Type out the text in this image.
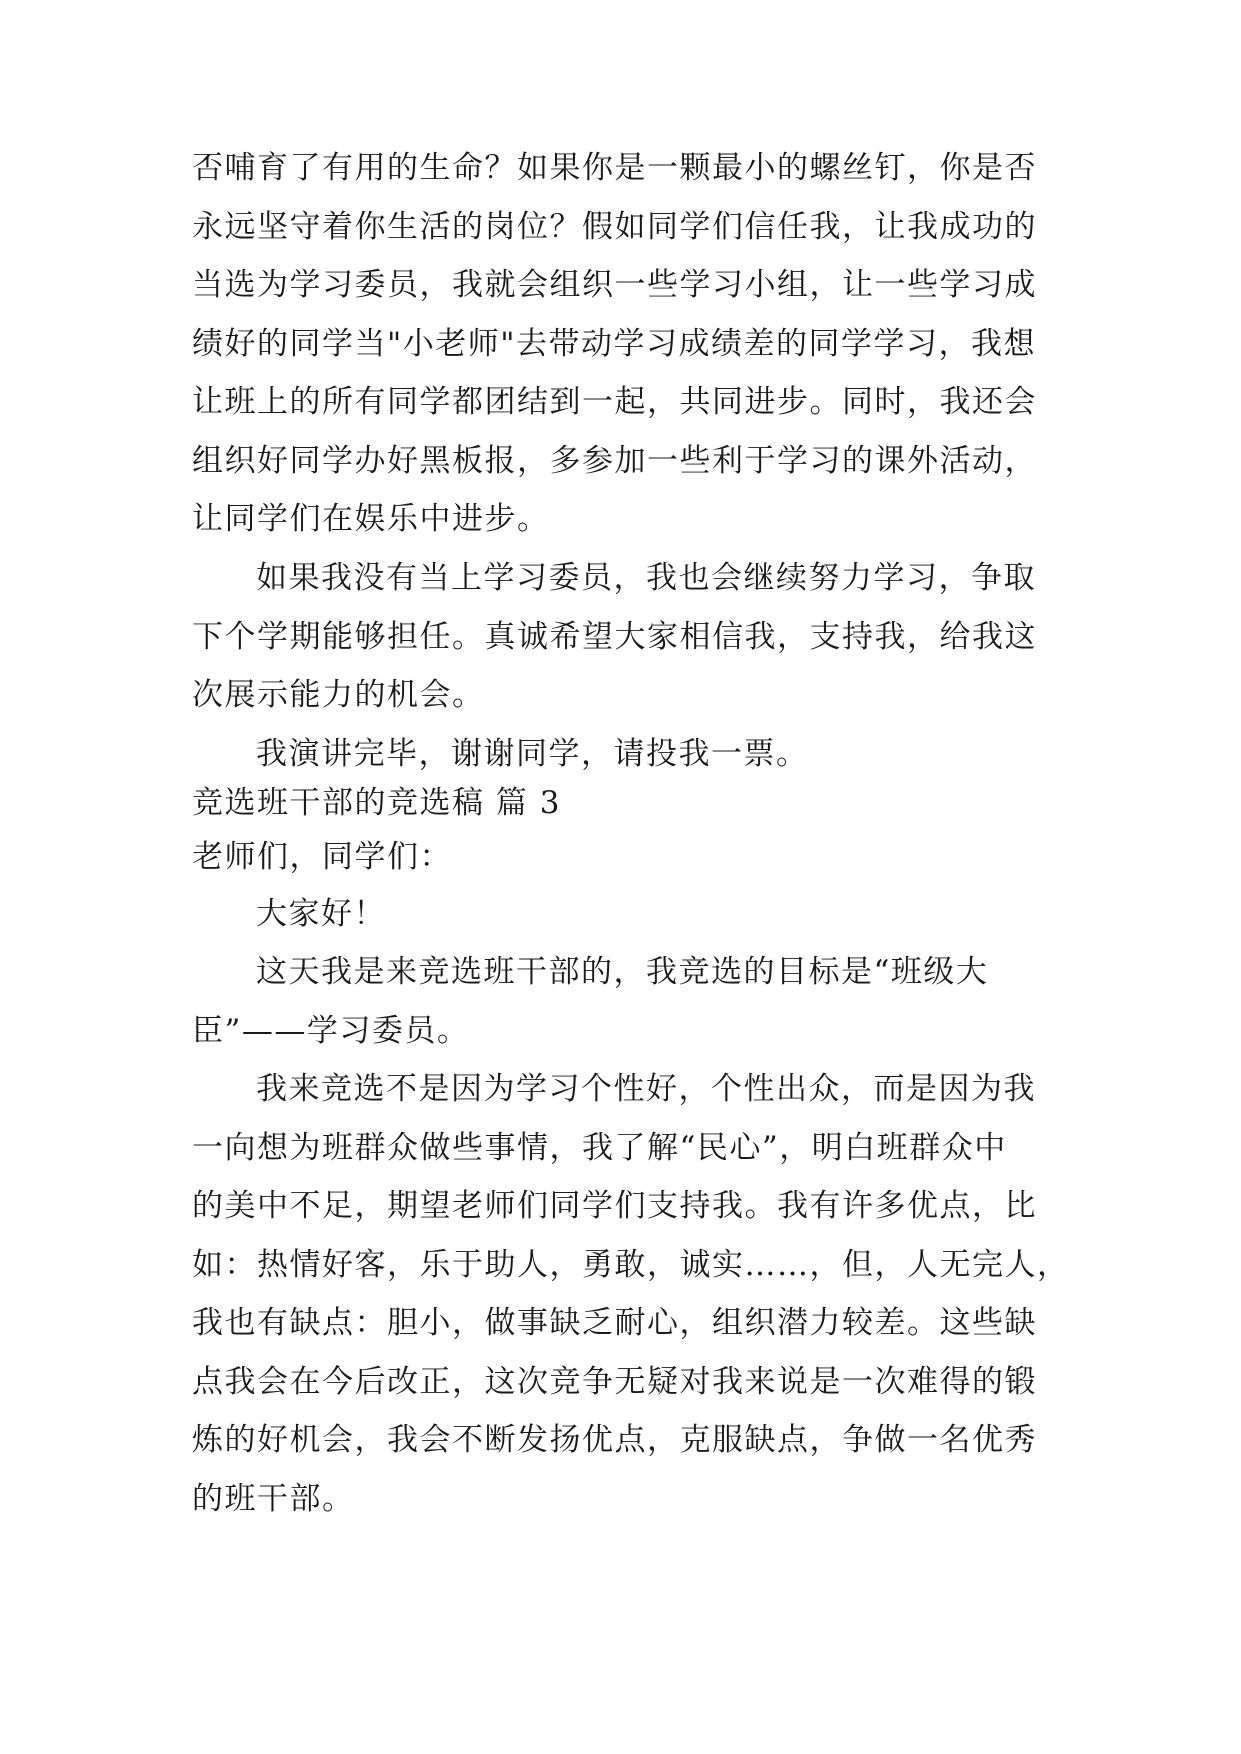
否哺育了有用的生命？如果你是一颗最小的螺丝钉，你是否
永远坚守着你生活的岗位？假如同学们信任我，让我成功的
当选为学习委员，我就会组织一些学习小组，让一些学习成
绩好的同学当"小老师"去带动学习成绩差的同学学习，我想
让班上的所有同学都团结到一起，共同进步。同时，我还会
组织好同学办好黑板报，多参加一些利于学习的课外活动，
让同学们在娱乐中进步。
如果我没有当上学习委员，我也会继续努力学习，争取
下个学期能够担任。真诚希望大家相信我，支持我，给我这
次展示能力的机会。
我演讲完毕，谢谢同学，请投我一票。
竞选班干部的竞选稿 篇 3
老师们，同学们：
大家好！
这天我是来竞选班干部的，我竞选的目标是“班级大
臣”——学习委员。
我来竞选不是因为学习个性好，个性出众，而是因为我
一向想为班群众做些事情，我了解“民心”，明白班群众中
的美中不足，期望老师们同学们支持我。我有许多优点，比
如：热情好客，乐于助人，勇敢，诚实……，但，人无完人，
我也有缺点：胆小，做事缺乏耐心，组织潜力较差。这些缺
点我会在今后改正，这次竞争无疑对我来说是一次难得的锻
炼的好机会，我会不断发扬优点，克服缺点，争做一名优秀
的班干部。
